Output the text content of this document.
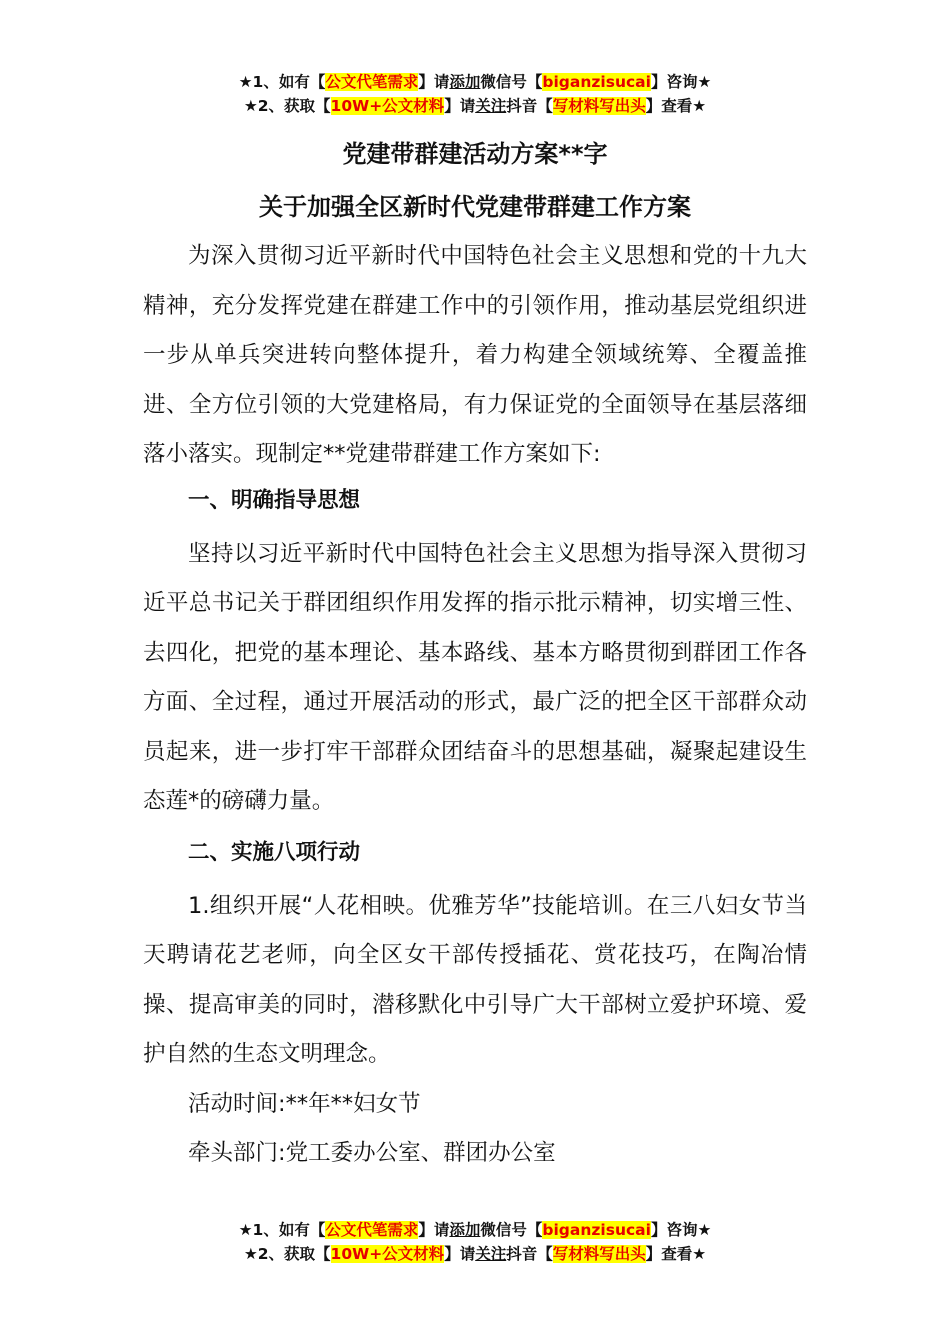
★1、如有【公文代笔需求】请添加微信号【biganzisucai】咨询★
★2、获取【10W+公文材料】请关注抖音【写材料写出头】查看★
党建带群建活动方案**字
关于加强全区新时代党建带群建工作方案

为深入贯彻习近平新时代中国特色社会主义思想和党的十九大精神，充分发挥党建在群建工作中的引领作用，推动基层党组织进一步从单兵突进转向整体提升，着力构建全领域统筹、全覆盖推进、全方位引领的大党建格局，有力保证党的全面领导在基层落细落小落实。现制定**党建带群建工作方案如下:

一、明确指导思想

坚持以习近平新时代中国特色社会主义思想为指导深入贯彻习近平总书记关于群团组织作用发挥的指示批示精神，切实增三性、去四化，把党的基本理论、基本路线、基本方略贯彻到群团工作各方面、全过程，通过开展活动的形式，最广泛的把全区干部群众动员起来，进一步打牢干部群众团结奋斗的思想基础，凝聚起建设生态莲*的磅礴力量。

二、实施八项行动

1.组织开展“人花相映。优雅芳华”技能培训。在三八妇女节当天聘请花艺老师，向全区女干部传授插花、赏花技巧，在陶冶情操、提高审美的同时，潜移默化中引导广大干部树立爱护环境、爱护自然的生态文明理念。

活动时间:**年**妇女节

牵头部门:党工委办公室、群团办公室

★1、如有【公文代笔需求】请添加微信号【biganzisucai】咨询★
★2、获取【10W+公文材料】请关注抖音【写材料写出头】查看★
